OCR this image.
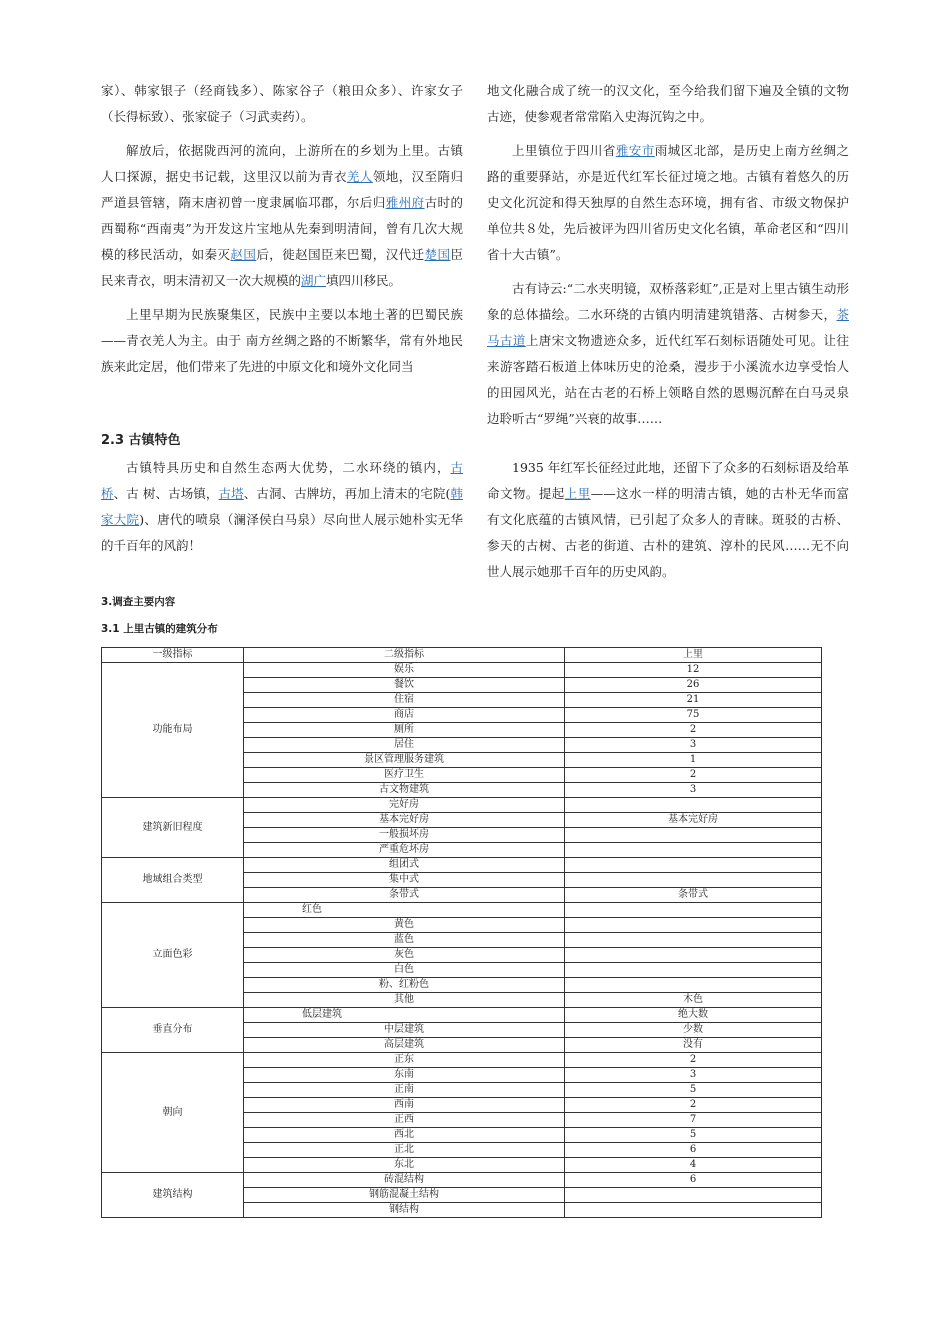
家）、韩家银子（经商钱多）、陈家谷子（粮田众多）、许家女子（长得标致）、张家碇子（习武卖药）。

解放后，依据陇西河的流向，上游所在的乡划为上里。古镇人口探源，据史书记载，这里汉以前为青衣羌人领地，汉至隋归严道县管辖，隋末唐初曾一度隶属临邛郡，尔后归雅州府古时的西蜀称“西南夷”为开发这片宝地从先秦到明清间，曾有几次大规模的移民活动，如秦灭赵国后，徙赵国臣来巴蜀，汉代迁楚国臣民来青衣，明末清初又一次大规模的湖广填四川移民。

上里早期为民族聚集区，民族中主要以本地土著的巴蜀民族——青衣羌人为主。由于 南方丝绸之路的不断繁华，常有外地民族来此定居，他们带来了先进的中原文化和境外文化同当

地文化融合成了统一的汉文化，至今给我们留下遍及全镇的文物古迹，使参观者常常陷入史海沉钩之中。

上里镇位于四川省雅安市雨城区北部，是历史上南方丝绸之路的重要驿站，亦是近代红军长征过境之地。古镇有着悠久的历史文化沉淀和得天独厚的自然生态环境，拥有省、市级文物保护单位共８处，先后被评为四川省历史文化名镇，革命老区和“四川省十大古镇”。

古有诗云:“二水夹明镜，双桥落彩虹”,正是对上里古镇生动形象的总体描绘。二水环绕的古镇内明清建筑错落、古树参天，茶马古道上唐宋文物遗迹众多，近代红军石刻标语随处可见。让往来游客踏石板道上体味历史的沧桑，漫步于小溪流水边享受怡人的田园风光，站在古老的石桥上领略自然的恩赐沉醉在白马灵泉边聆听古“罗绳”兴衰的故事……

2.3 古镇特色

古镇特具历史和自然生态两大优势，二水环绕的镇内，古桥、古 树、古场镇，古塔、古洞、古牌坊，再加上清末的宅院(韩家大院)、唐代的喷泉（澜泽侯白马泉）尽向世人展示她朴实无华的千百年的风韵！

1935 年红军长征经过此地，还留下了众多的石刻标语及给革命文物。提起上里——这水一样的明清古镇，她的古朴无华而富有文化底蕴的古镇风情，已引起了众多人的青睐。斑驳的古桥、参天的古树、古老的街道、古朴的建筑、淳朴的民风……无不向世人展示她那千百年的历史风韵。

3.调查主要内容
3.1 上里古镇的建筑分布
一级指标	二级指标	上里
功能布局	娱乐	12
	餐饮	26
	住宿	21
	商店	75
	厕所	2
	居住	3
	景区管理服务建筑	1
	医疗卫生	2
	古文物建筑	3
建筑新旧程度	完好房	
	基本完好房	基本完好房
	一般损坏房	
	严重危坏房	
地域组合类型	组团式	
	集中式	
	条带式	条带式
立面色彩	红色	
	黄色	
	蓝色	
	灰色	
	白色	
	粉、红粉色	
	其他	木色
垂直分布	低层建筑	绝大数
	中层建筑	少数
	高层建筑	没有
朝向	正东	2
	东南	3
	正南	5
	西南	2
	正西	7
	西北	5
	正北	6
	东北	4
建筑结构	砖混结构	6
	钢筋混凝土结构	
	钢结构	
